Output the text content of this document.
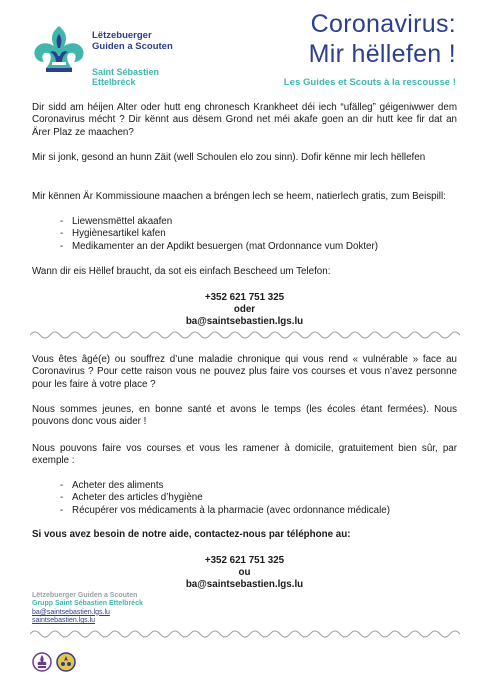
Lëtzebuerger
Guiden a Scouten
Saint Sébastien
Ettelbréck
Coronavirus:
Mir hëllefen !
Les Guides et Scouts à la rescousse !
Dir sidd am héijen Alter oder hutt eng chronesch Krankheet déi iech “ufälleg” géigeniwwer dem Coronavirus mécht ? Dir kënnt aus dësem Grond net méi akafe goen an dir hutt kee fir dat an Ärer Plaz ze maachen?
Mir si jonk, gesond an hunn Zäit (well Schoulen elo zou sinn). Dofir kënne mir lech hëllefen
Mir kënnen Är Kommissioune maachen a bréngen lech se heem, natierlech gratis, zum Beispill:
- Liewensmëttel akaafen
- Hygiènesartikel kafen
- Medikamenter an der Apdikt besuergen (mat Ordonnance vum Dokter)
Wann dir eis Hëllef braucht, da sot eis einfach Bescheed um Telefon:
+352 621 751 325
oder
ba@saintsebastien.lgs.lu
Vous êtes âgé(e) ou souffrez d’une maladie chronique qui vous rend « vulnérable » face au Coronavirus ? Pour cette raison vous ne pouvez plus faire vos courses et vous n’avez personne pour les faire à votre place ?
Nous sommes jeunes, en bonne santé et avons le temps (les écoles étant fermées). Nous pouvons donc vous aider !
Nous pouvons faire vos courses et vous les ramener à domicile, gratuitement bien sûr, par exemple :
- Acheter des aliments
- Acheter des articles d’hygiène
- Récupérer vos médicaments à la pharmacie (avec ordonnance médicale)
Si vous avez besoin de notre aide, contactez-nous par téléphone au:
+352 621 751 325
ou
ba@saintsebastien.lgs.lu
Lëtzebuerger Guiden a Scouten
Grupp Saint Sébastien Ettelbréck
ba@saintsebastien.lgs.lu
saintsebastien.lgs.lu
